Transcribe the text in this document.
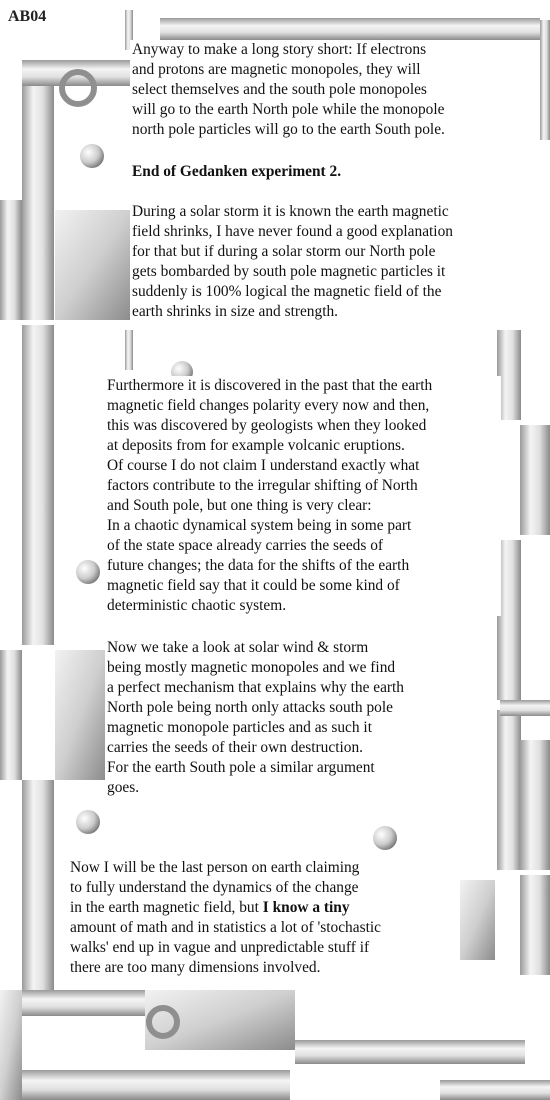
AB04
Anyway to make a long story short: If electrons
and protons are magnetic monopoles, they will
select themselves and the south pole monopoles
will go to the earth North pole while the monopole
north pole particles will go to the earth South pole.
End of Gedanken experiment 2.
During a solar storm it is known the earth magnetic
field shrinks, I have never found a good explanation
for that but if during a solar storm our North pole
gets bombarded by south pole magnetic particles it
suddenly is 100% logical the magnetic field of the
earth shrinks in size and strength.
Furthermore it is discovered in the past that the earth
magnetic field changes polarity every now and then,
this was discovered by geologists when they looked
at deposits from for example volcanic eruptions.
Of course I do not claim I understand exactly what
factors contribute to the irregular shifting of North
and South pole, but one thing is very clear:
In a chaotic dynamical system being in some part
of the state space already carries the seeds of
future changes; the data for the shifts of the earth
magnetic field say that it could be some kind of
deterministic chaotic system.
Now we take a look at solar wind & storm
being mostly magnetic monopoles and we find
a perfect mechanism that explains why the earth
North pole being north only attacks south pole
magnetic monopole particles and as such it
carries the seeds of their own destruction.
For the earth South pole a similar argument
goes.
Now I will be the last person on earth claiming
to fully understand the dynamics of the change
in the earth magnetic field, but I know a tiny
amount of math and in statistics a lot of 'stochastic
walks' end up in vague and unpredictable stuff if
there are too many dimensions involved.
